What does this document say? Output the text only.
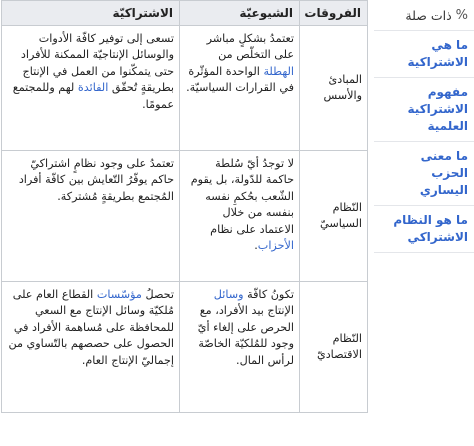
الفروقات	الشيوعيّة	الاشتراكيّة
المبادئ والأسس	تعتمدُ بشكلٍ مباشر على التخلّص من الهطلة الواحدة المؤثّرة في القرارات السياسيّة.	تسعى إلى توفير كافّة الأدوات والوسائل الإنتاجيّة الممكنة للأفراد حتى يتمكّنوا من العمل في الإنتاج بطريقةٍ تُحقّق الفائدة لهم وللمجتمع عمومًا.
النّظام السياسيّ	لا توجدُ أيّ سُلطة حاكمة للدّولة، بل يقوم الشّعب بحُكمِ نفسه بنفسه من خلال الاعتماد على نظام الأحزاب.	تعتمدُ على وجود نظامٍ اشتراكيّ حاكم يوفّرُ التّعايش بين كافّة أفراد المُجتمع بطريقةٍ مُشتركة.
النّظام الاقتصاديّ	تكونُ كافّة وسائل الإنتاج بيد الأفراد، مع الحرص على إلغاء أيّ وجود للمُلكيّة الخاصّة لرأس المال.	تحصلُ مؤسّسات القطاع العام على مُلكيّة وسائل الإنتاج مع السعي للمحافظة على مُساهمة الأفراد في الحصول على حصصهم بالتّساوي من إجماليّ الإنتاج العام.
%
ذات صلة
ما هي الاشتراكية
مفهوم الاشتراكية العلمية
ما معنى الحزب اليساري
ما هو النظام الاشتراكي
